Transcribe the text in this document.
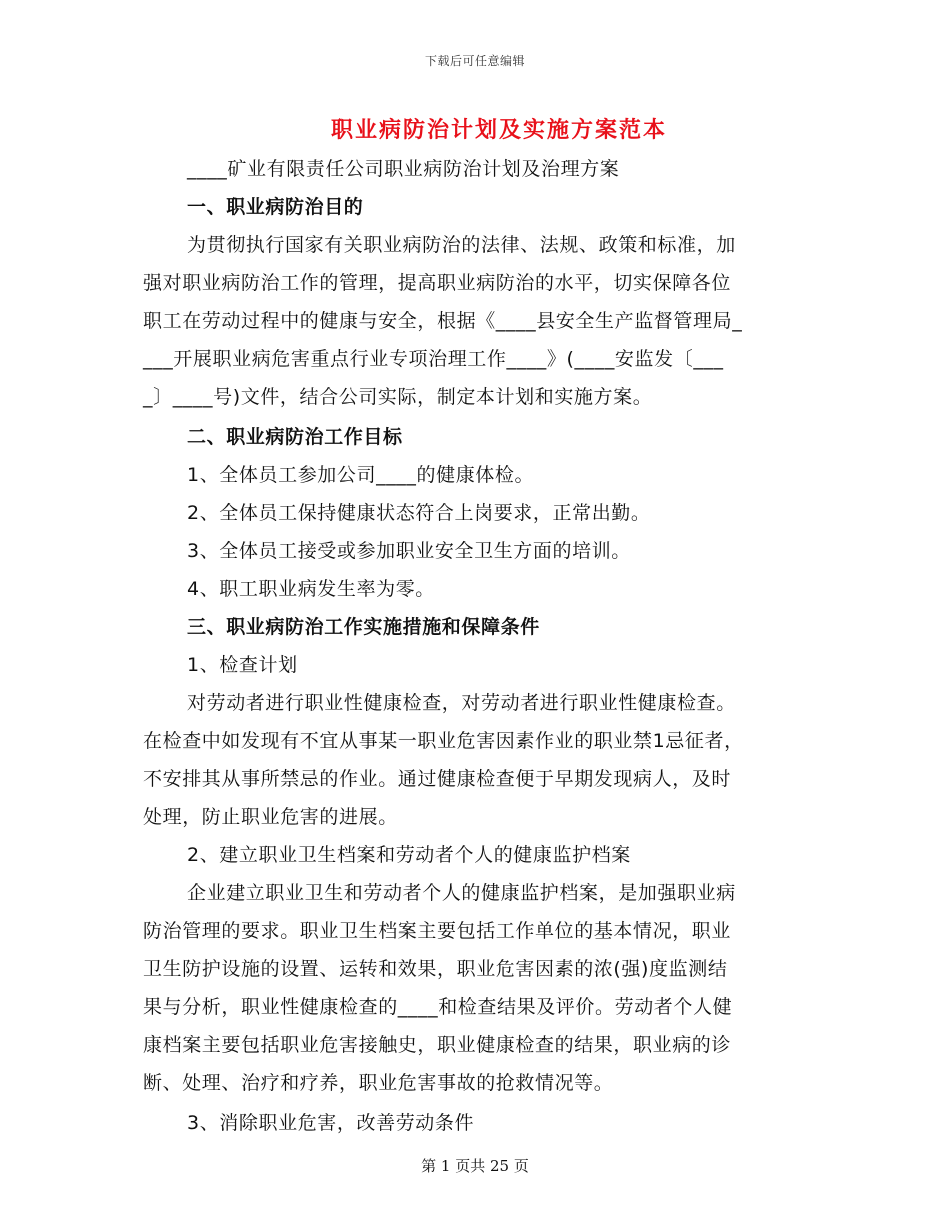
下载后可任意编辑
职业病防治计划及实施方案范本

____矿业有限责任公司职业病防治计划及治理方案

一、职业病防治目的

为贯彻执行国家有关职业病防治的法律、法规、政策和标准，加

强对职业病防治工作的管理，提高职业病防治的水平，切实保障各位

职工在劳动过程中的健康与安全，根据《____县安全生产监督管理局_

___开展职业病危害重点行业专项治理工作____》(____安监发〔___

_〕____号)文件，结合公司实际，制定本计划和实施方案。

二、职业病防治工作目标

1、全体员工参加公司____的健康体检。

2、全体员工保持健康状态符合上岗要求，正常出勤。

3、全体员工接受或参加职业安全卫生方面的培训。

4、职工职业病发生率为零。

三、职业病防治工作实施措施和保障条件

1、检查计划

对劳动者进行职业性健康检查，对劳动者进行职业性健康检查。

在检查中如发现有不宜从事某一职业危害因素作业的职业禁1忌征者，

不安排其从事所禁忌的作业。通过健康检查便于早期发现病人，及时

处理，防止职业危害的进展。

2、建立职业卫生档案和劳动者个人的健康监护档案

企业建立职业卫生和劳动者个人的健康监护档案，是加强职业病

防治管理的要求。职业卫生档案主要包括工作单位的基本情况，职业

卫生防护设施的设置、运转和效果，职业危害因素的浓(强)度监测结

果与分析，职业性健康检查的____和检查结果及评价。劳动者个人健

康档案主要包括职业危害接触史，职业健康检查的结果，职业病的诊

断、处理、治疗和疗养，职业危害事故的抢救情况等。

3、消除职业危害，改善劳动条件

第 1 页共 25 页
